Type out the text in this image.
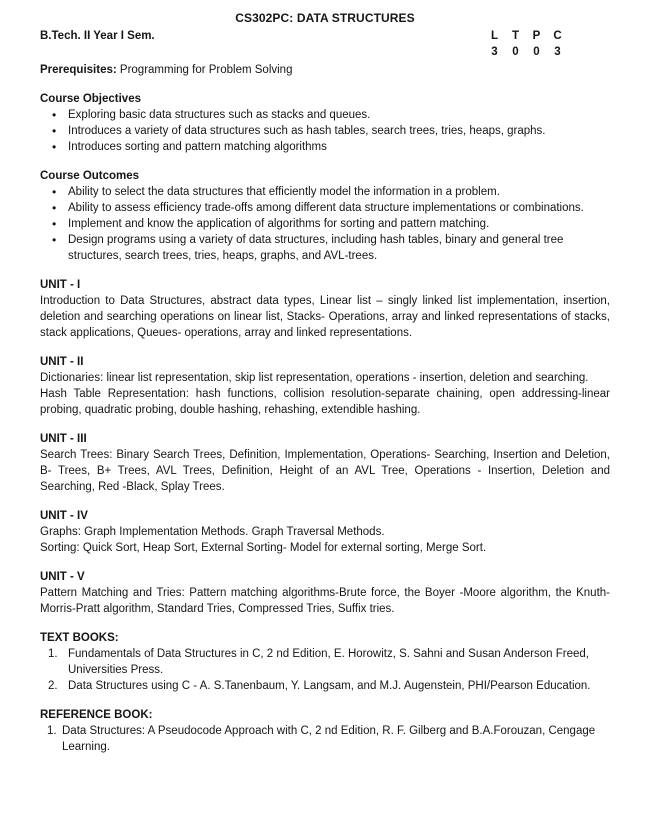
CS302PC: DATA STRUCTURES
B.Tech. II Year I Sem.	L	T	P	C
3	0	0	3
Prerequisites: Programming for Problem Solving
Course Objectives
• Exploring basic data structures such as stacks and queues.
• Introduces a variety of data structures such as hash tables, search trees, tries, heaps, graphs.
• Introduces sorting and pattern matching algorithms
Course Outcomes
• Ability to select the data structures that efficiently model the information in a problem.
• Ability to assess efficiency trade-offs among different data structure implementations or combinations.
• Implement and know the application of algorithms for sorting and pattern matching.
• Design programs using a variety of data structures, including hash tables, binary and general tree structures, search trees, tries, heaps, graphs, and AVL-trees.
UNIT - I

Introduction to Data Structures, abstract data types, Linear list – singly linked list implementation, insertion, deletion and searching operations on linear list, Stacks- Operations, array and linked representations of stacks, stack applications, Queues- operations, array and linked representations.

UNIT - II

Dictionaries: linear list representation, skip list representation, operations - insertion, deletion and searching.

Hash Table Representation: hash functions, collision resolution-separate chaining, open addressing-linear probing, quadratic probing, double hashing, rehashing, extendible hashing.

UNIT - III

Search Trees: Binary Search Trees, Definition, Implementation, Operations- Searching, Insertion and Deletion, B- Trees, B+ Trees, AVL Trees, Definition, Height of an AVL Tree, Operations - Insertion, Deletion and Searching, Red -Black, Splay Trees.

UNIT - IV

Graphs: Graph Implementation Methods. Graph Traversal Methods.

Sorting: Quick Sort, Heap Sort, External Sorting- Model for external sorting, Merge Sort.

UNIT - V

Pattern Matching and Tries: Pattern matching algorithms-Brute force, the Boyer -Moore algorithm, the Knuth-Morris-Pratt algorithm, Standard Tries, Compressed Tries, Suffix tries.

TEXT BOOKS:
Fundamentals of Data Structures in C, 2 nd Edition, E. Horowitz, S. Sahni and Susan Anderson Freed, Universities Press.
Data Structures using C - A. S.Tanenbaum, Y. Langsam, and M.J. Augenstein, PHI/Pearson Education.
REFERENCE BOOK:
Data Structures: A Pseudocode Approach with C, 2 nd Edition, R. F. Gilberg and B.A.Forouzan, Cengage Learning.
